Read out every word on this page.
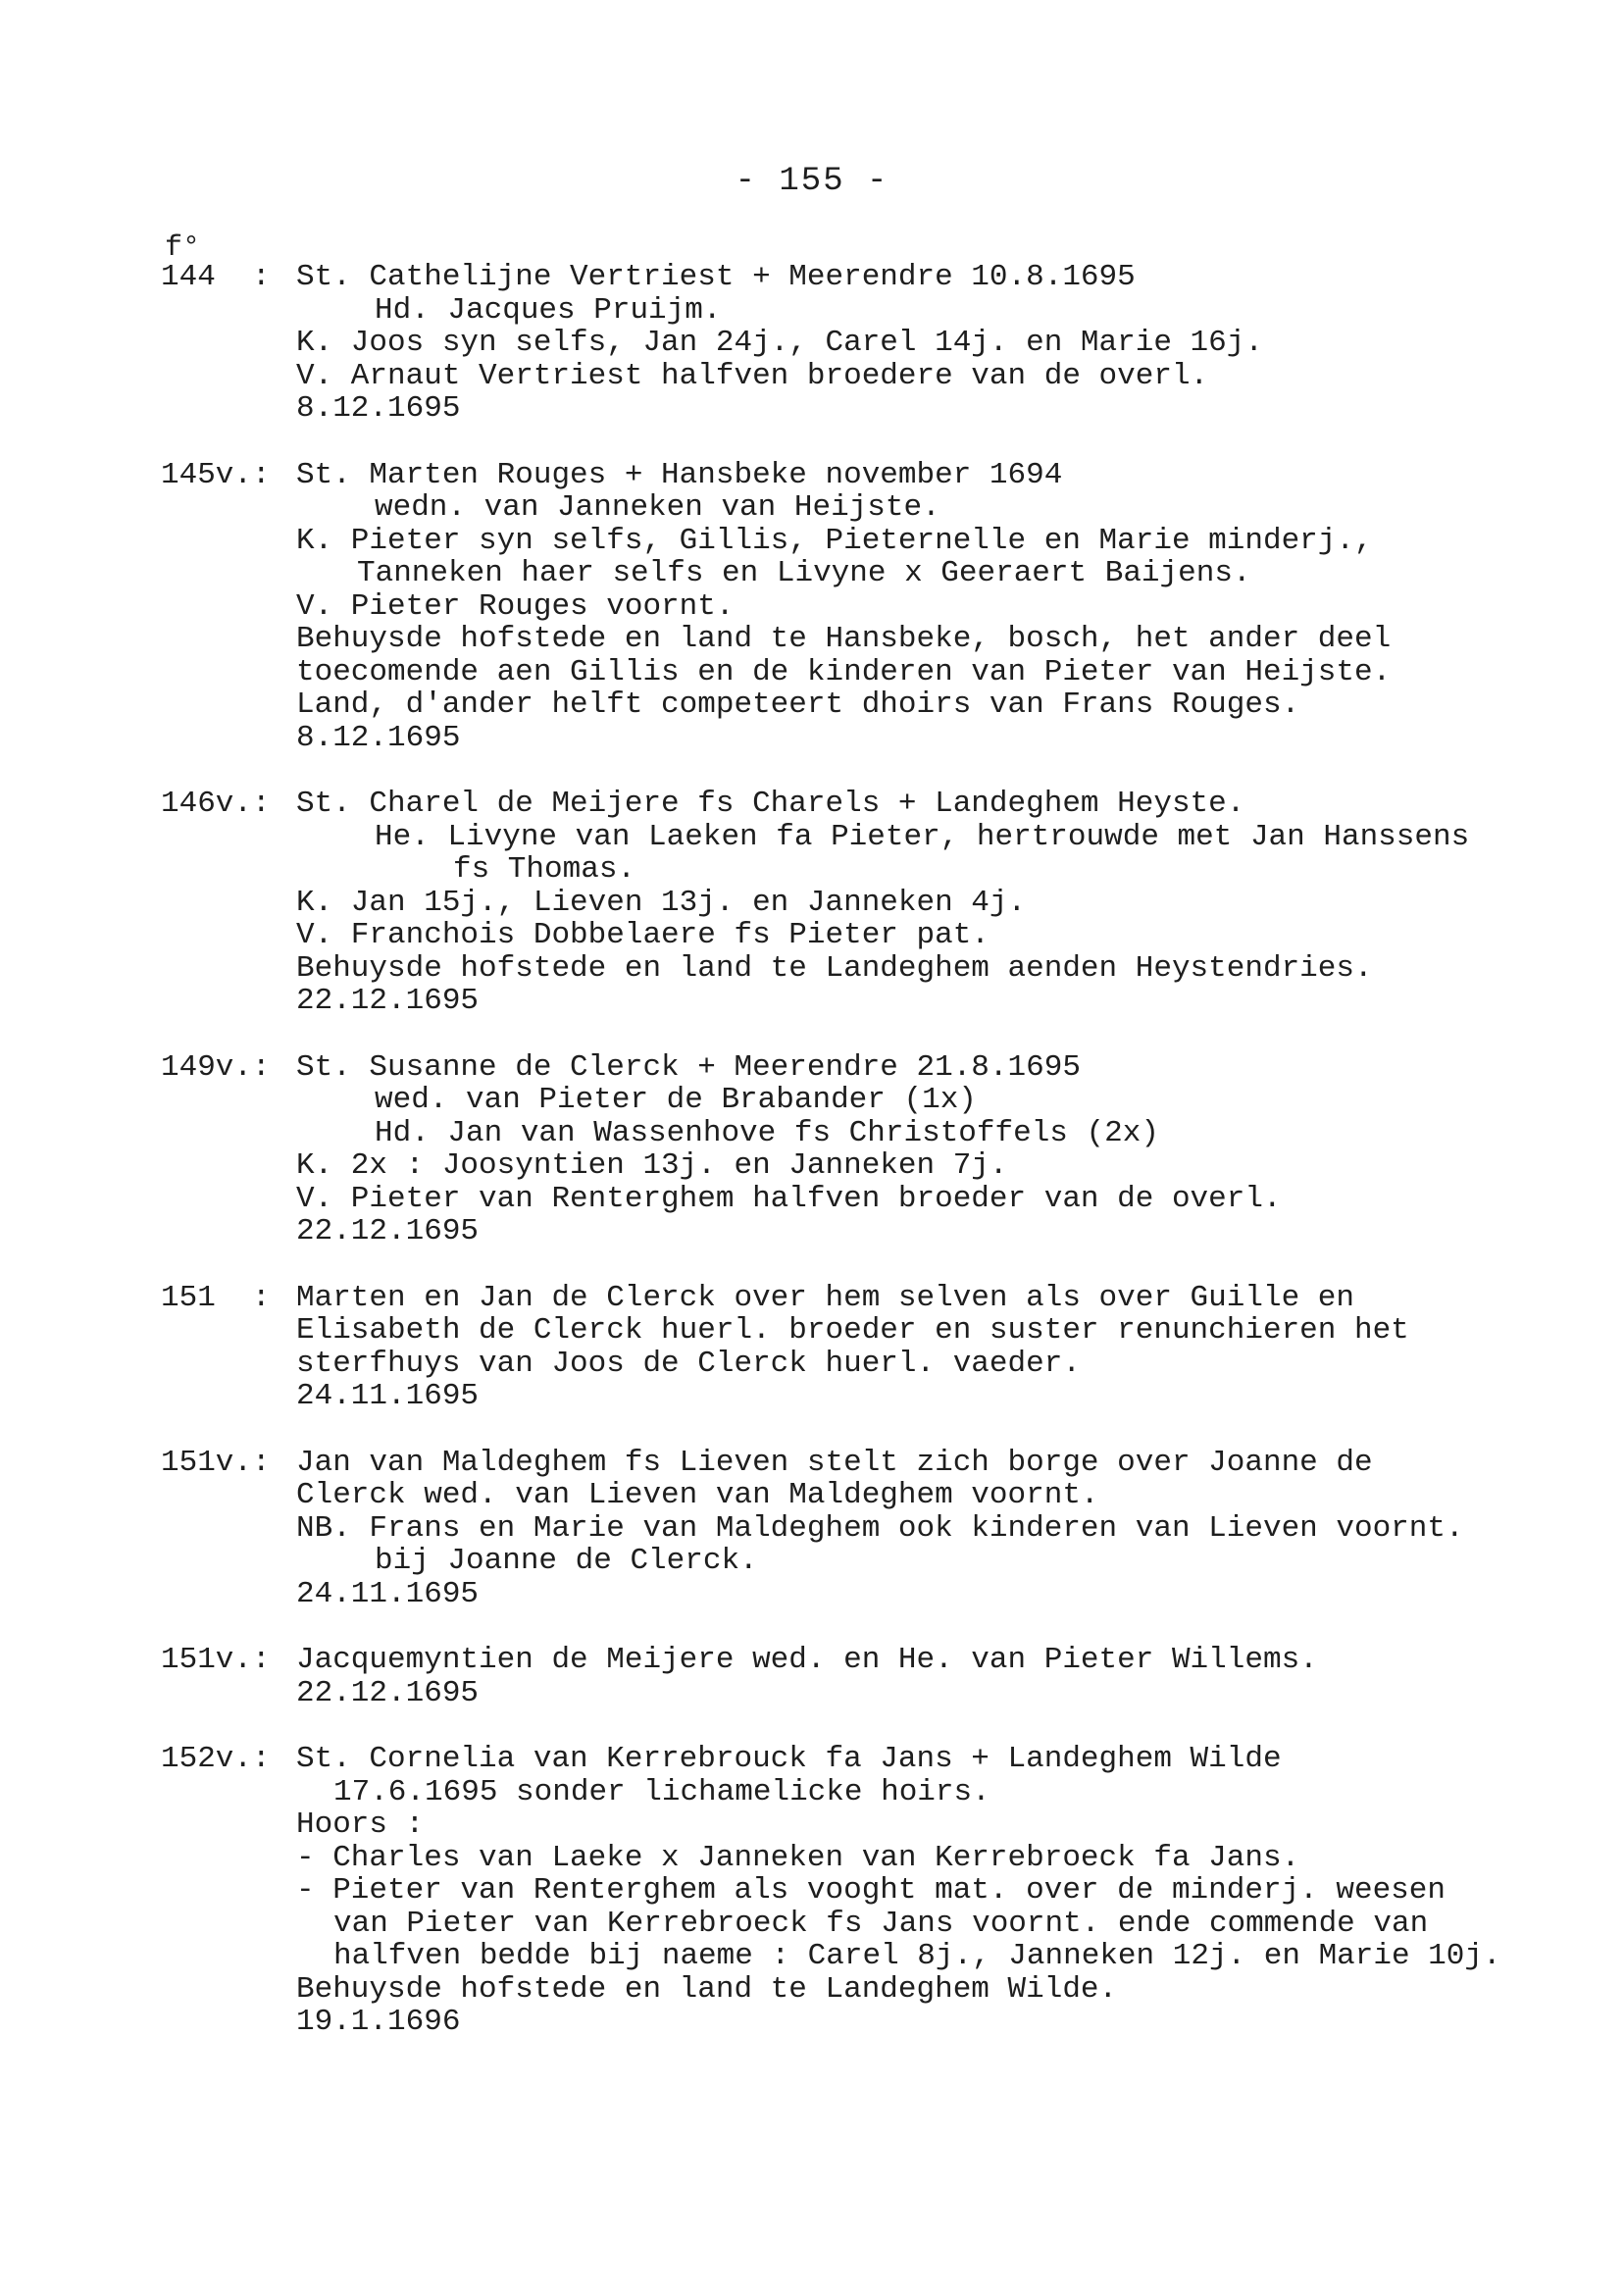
- 155 -
f°
144  : St. Cathelijne Vertriest + Meerendre 10.8.1695
Hd. Jacques Pruijm.
K. Joos syn selfs, Jan 24j., Carel 14j. en Marie 16j.
V. Arnaut Vertriest halfven broedere van de overl.
8.12.1695
145v.: St. Marten Rouges + Hansbeke november 1694
wedn. van Janneken van Heijste.
K. Pieter syn selfs, Gillis, Pieternelle en Marie minderj.,
Tanneken haer selfs en Livyne x Geeraert Baijens.
V. Pieter Rouges voornt.
Behuysde hofstede en land te Hansbeke, bosch, het ander deel
toecomende aen Gillis en de kinderen van Pieter van Heijste.
Land, d'ander helft competeert dhoirs van Frans Rouges.
8.12.1695
146v.: St. Charel de Meijere fs Charels + Landeghem Heyste.
He. Livyne van Laeken fa Pieter, hertrouwde met Jan Hanssens
fs Thomas.
K. Jan 15j., Lieven 13j. en Janneken 4j.
V. Franchois Dobbelaere fs Pieter pat.
Behuysde hofstede en land te Landeghem aenden Heystendries.
22.12.1695
149v.: St. Susanne de Clerck + Meerendre 21.8.1695
wed. van Pieter de Brabander (1x)
Hd. Jan van Wassenhove fs Christoffels (2x)
K. 2x : Joosyntien 13j. en Janneken 7j.
V. Pieter van Renterghem halfven broeder van de overl.
22.12.1695
151  : Marten en Jan de Clerck over hem selven als over Guille en
Elisabeth de Clerck huerl. broeder en suster renunchieren het
sterfhuys van Joos de Clerck huerl. vaeder.
24.11.1695
151v.: Jan van Maldeghem fs Lieven stelt zich borge over Joanne de
Clerck wed. van Lieven van Maldeghem voornt.
NB. Frans en Marie van Maldeghem ook kinderen van Lieven voornt.
bij Joanne de Clerck.
24.11.1695
151v.: Jacquemyntien de Meijere wed. en He. van Pieter Willems.
22.12.1695
152v.: St. Cornelia van Kerrebrouck fa Jans + Landeghem Wilde
17.6.1695 sonder lichamelicke hoirs.
Hoors :
- Charles van Laeke x Janneken van Kerrebroeck fa Jans.
- Pieter van Renterghem als vooght mat. over de minderj. weesen
van Pieter van Kerrebroeck fs Jans voornt. ende commende van
halfven bedde bij naeme : Carel 8j., Janneken 12j. en Marie 10j.
Behuysde hofstede en land te Landeghem Wilde.
19.1.1696
